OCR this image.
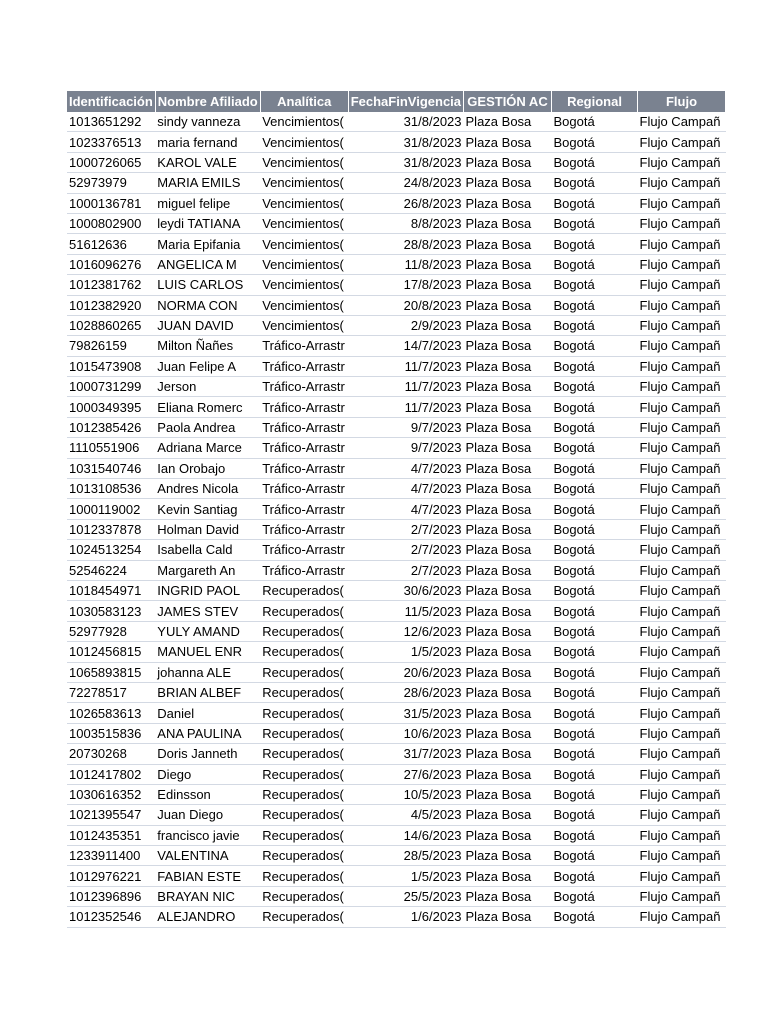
Identificación	Nombre Afiliado	Analítica	FechaFinVigencia	GESTIÓN AC	Regional	Flujo
1013651292	sindy vanneza	Vencimientos(	31/8/2023	Plaza Bosa	Bogotá	Flujo Campañ
1023376513	maria fernand	Vencimientos(	31/8/2023	Plaza Bosa	Bogotá	Flujo Campañ
1000726065	KAROL VALE	Vencimientos(	31/8/2023	Plaza Bosa	Bogotá	Flujo Campañ
52973979	MARIA EMILS	Vencimientos(	24/8/2023	Plaza Bosa	Bogotá	Flujo Campañ
1000136781	miguel felipe	Vencimientos(	26/8/2023	Plaza Bosa	Bogotá	Flujo Campañ
1000802900	leydi TATIANA	Vencimientos(	8/8/2023	Plaza Bosa	Bogotá	Flujo Campañ
51612636	Maria Epifania	Vencimientos(	28/8/2023	Plaza Bosa	Bogotá	Flujo Campañ
1016096276	ANGELICA M	Vencimientos(	11/8/2023	Plaza Bosa	Bogotá	Flujo Campañ
1012381762	LUIS CARLOS	Vencimientos(	17/8/2023	Plaza Bosa	Bogotá	Flujo Campañ
1012382920	NORMA CON	Vencimientos(	20/8/2023	Plaza Bosa	Bogotá	Flujo Campañ
1028860265	JUAN DAVID	Vencimientos(	2/9/2023	Plaza Bosa	Bogotá	Flujo Campañ
79826159	Milton Ñañes	Tráfico-Arrastr	14/7/2023	Plaza Bosa	Bogotá	Flujo Campañ
1015473908	Juan Felipe A	Tráfico-Arrastr	11/7/2023	Plaza Bosa	Bogotá	Flujo Campañ
1000731299	Jerson	Tráfico-Arrastr	11/7/2023	Plaza Bosa	Bogotá	Flujo Campañ
1000349395	Eliana Romerc	Tráfico-Arrastr	11/7/2023	Plaza Bosa	Bogotá	Flujo Campañ
1012385426	Paola Andrea	Tráfico-Arrastr	9/7/2023	Plaza Bosa	Bogotá	Flujo Campañ
1110551906	Adriana Marce	Tráfico-Arrastr	9/7/2023	Plaza Bosa	Bogotá	Flujo Campañ
1031540746	Ian Orobajo	Tráfico-Arrastr	4/7/2023	Plaza Bosa	Bogotá	Flujo Campañ
1013108536	Andres Nicola	Tráfico-Arrastr	4/7/2023	Plaza Bosa	Bogotá	Flujo Campañ
1000119002	Kevin Santiag	Tráfico-Arrastr	4/7/2023	Plaza Bosa	Bogotá	Flujo Campañ
1012337878	Holman David	Tráfico-Arrastr	2/7/2023	Plaza Bosa	Bogotá	Flujo Campañ
1024513254	Isabella Cald	Tráfico-Arrastr	2/7/2023	Plaza Bosa	Bogotá	Flujo Campañ
52546224	Margareth An	Tráfico-Arrastr	2/7/2023	Plaza Bosa	Bogotá	Flujo Campañ
1018454971	INGRID PAOL	Recuperados(	30/6/2023	Plaza Bosa	Bogotá	Flujo Campañ
1030583123	JAMES STEV	Recuperados(	11/5/2023	Plaza Bosa	Bogotá	Flujo Campañ
52977928	YULY AMAND	Recuperados(	12/6/2023	Plaza Bosa	Bogotá	Flujo Campañ
1012456815	MANUEL ENR	Recuperados(	1/5/2023	Plaza Bosa	Bogotá	Flujo Campañ
1065893815	johanna ALE	Recuperados(	20/6/2023	Plaza Bosa	Bogotá	Flujo Campañ
72278517	BRIAN ALBEF	Recuperados(	28/6/2023	Plaza Bosa	Bogotá	Flujo Campañ
1026583613	Daniel	Recuperados(	31/5/2023	Plaza Bosa	Bogotá	Flujo Campañ
1003515836	ANA PAULINA	Recuperados(	10/6/2023	Plaza Bosa	Bogotá	Flujo Campañ
20730268	Doris Janneth	Recuperados(	31/7/2023	Plaza Bosa	Bogotá	Flujo Campañ
1012417802	Diego	Recuperados(	27/6/2023	Plaza Bosa	Bogotá	Flujo Campañ
1030616352	Edinsson	Recuperados(	10/5/2023	Plaza Bosa	Bogotá	Flujo Campañ
1021395547	Juan Diego	Recuperados(	4/5/2023	Plaza Bosa	Bogotá	Flujo Campañ
1012435351	francisco javie	Recuperados(	14/6/2023	Plaza Bosa	Bogotá	Flujo Campañ
1233911400	VALENTINA	Recuperados(	28/5/2023	Plaza Bosa	Bogotá	Flujo Campañ
1012976221	FABIAN ESTE	Recuperados(	1/5/2023	Plaza Bosa	Bogotá	Flujo Campañ
1012396896	BRAYAN NIC	Recuperados(	25/5/2023	Plaza Bosa	Bogotá	Flujo Campañ
1012352546	ALEJANDRO	Recuperados(	1/6/2023	Plaza Bosa	Bogotá	Flujo Campañ
